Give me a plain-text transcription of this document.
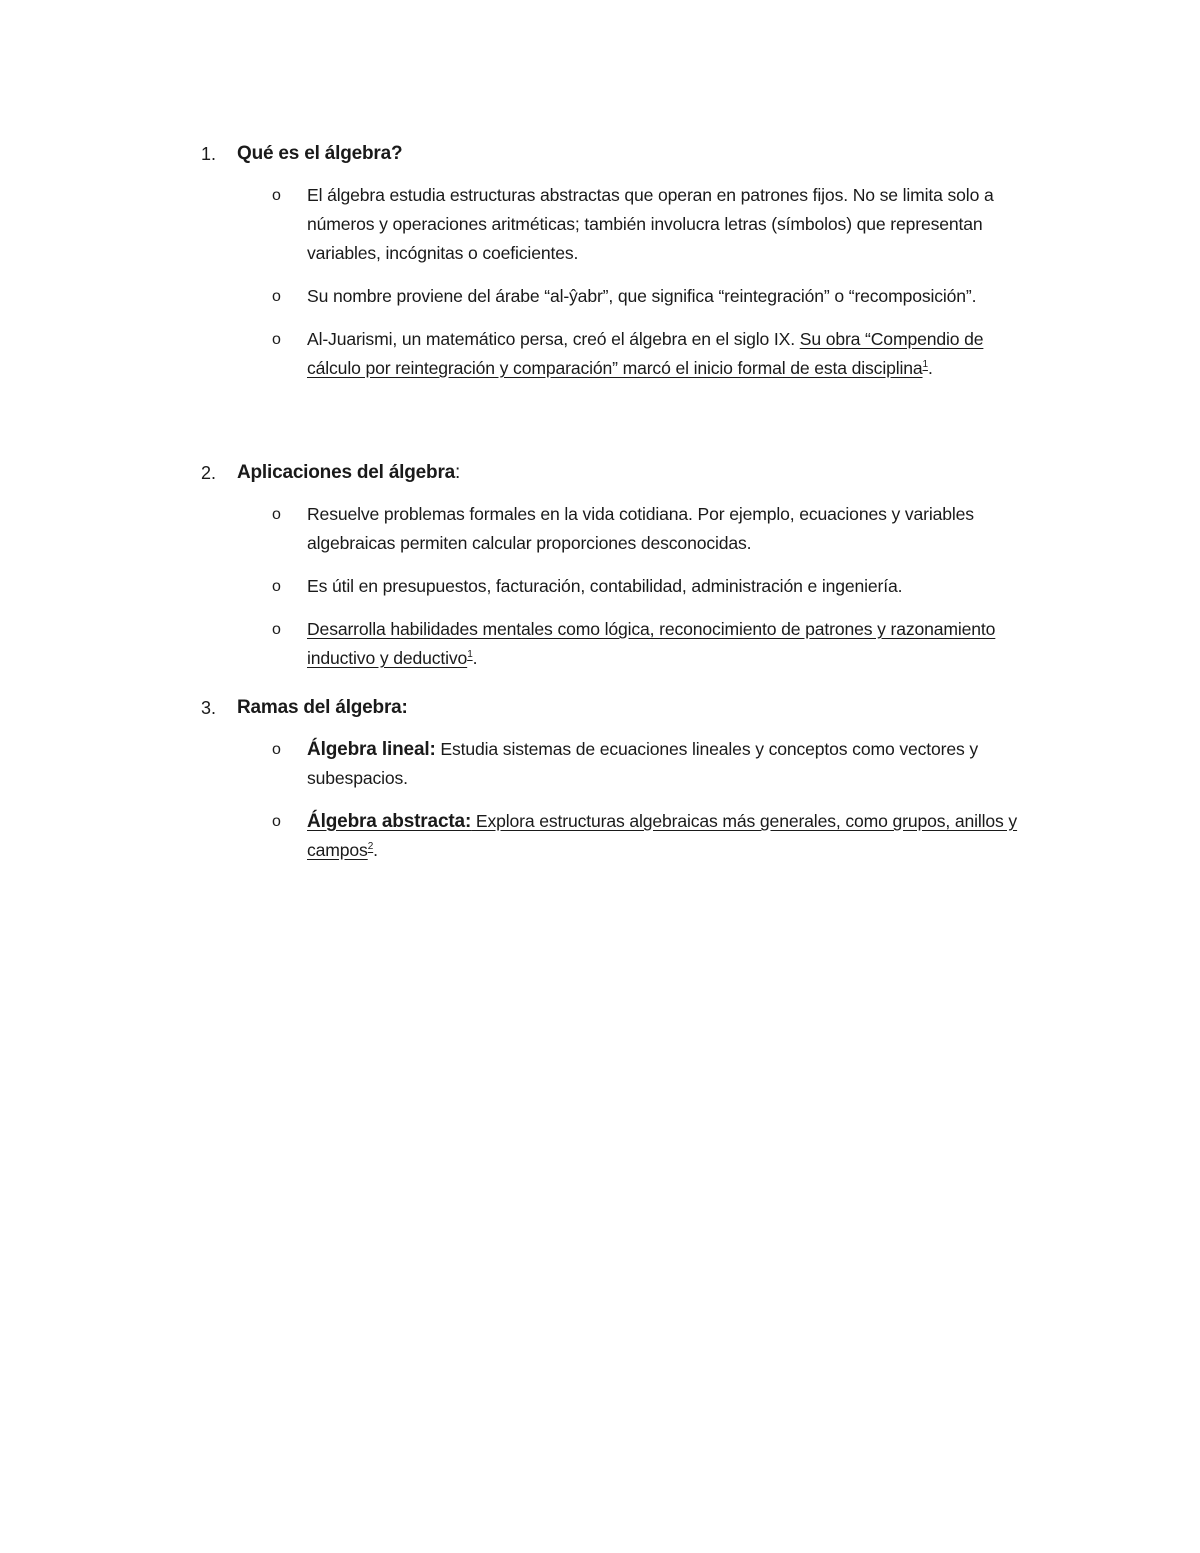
1. Qué es el álgebra?
o El álgebra estudia estructuras abstractas que operan en patrones fijos. No se limita solo a números y operaciones aritméticas; también involucra letras (símbolos) que representan variables, incógnitas o coeficientes.
o Su nombre proviene del árabe “al-ŷabr”, que significa “reintegración” o “recomposición”.
o Al-Juarismi, un matemático persa, creó el álgebra en el siglo IX. Su obra “Compendio de cálculo por reintegración y comparación” marcó el inicio formal de esta disciplina$^1$.
2. Aplicaciones del álgebra:
o Resuelve problemas formales en la vida cotidiana. Por ejemplo, ecuaciones y variables algebraicas permiten calcular proporciones desconocidas.
o Es útil en presupuestos, facturación, contabilidad, administración e ingeniería.
o Desarrolla habilidades mentales como lógica, reconocimiento de patrones y razonamiento inductivo y deductivo$^1$.
3. Ramas del álgebra:
o Álgebra lineal: Estudia sistemas de ecuaciones lineales y conceptos como vectores y subespacios.
o Álgebra abstracta: Explora estructuras algebraicas más generales, como grupos, anillos y campos$^2$.
